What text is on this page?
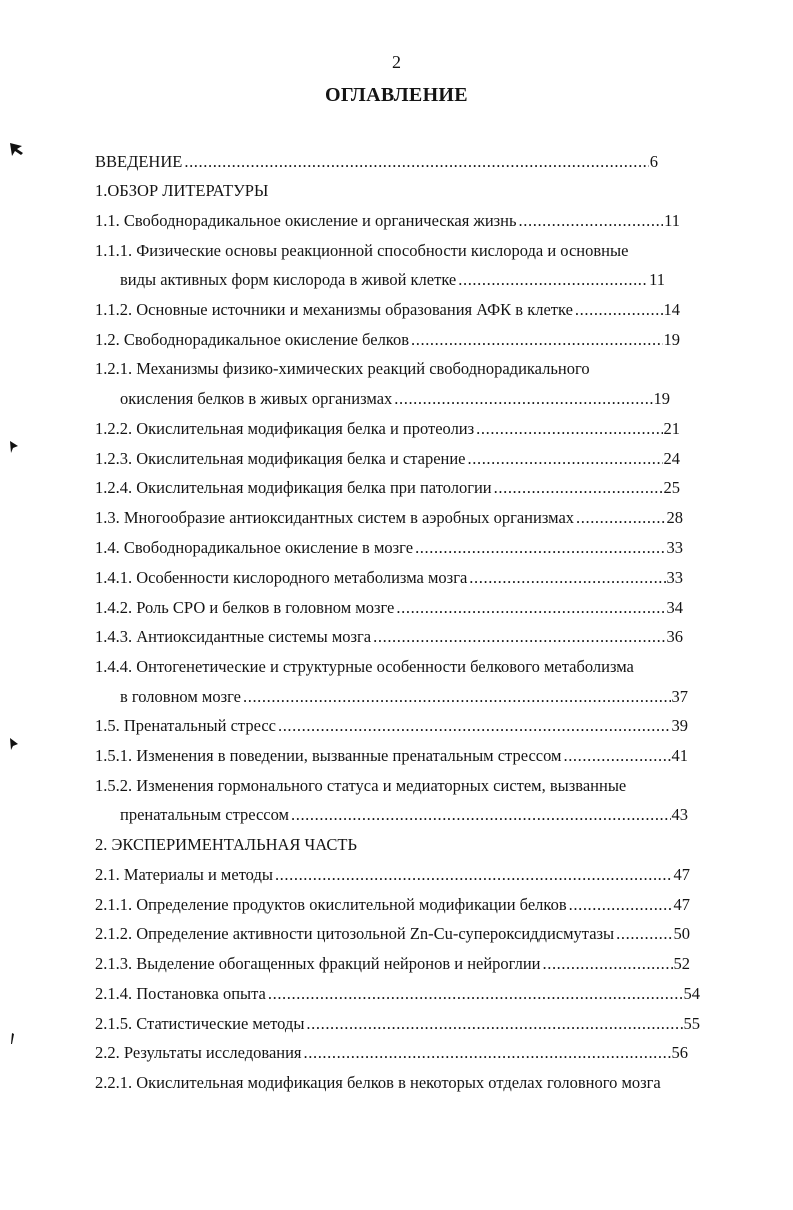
2
ОГЛАВЛЕНИЕ
ВВЕДЕНИЕ .....	6
1.ОБЗОР ЛИТЕРАТУРЫ
1.1. Свободнорадикальное окисление и органическая жизнь .....	11
1.1.1. Физические основы реакционной способности кислорода и основные
виды активных форм кислорода в живой клетке .....	11
1.1.2. Основные источники и механизмы образования АФК в клетке .....	14
1.2. Свободнорадикальное окисление белков .....	19
1.2.1. Механизмы физико-химических реакций свободнорадикального
окисления белков в живых организмах .....	19
1.2.2. Окислительная модификация белка и протеолиз .....	21
1.2.3. Окислительная модификация белка и старение .....	24
1.2.4. Окислительная модификация белка при патологии .....	25
1.3. Многообразие антиоксидантных систем в аэробных организмах .....	28
1.4. Свободнорадикальное окисление в мозге .....	33
1.4.1. Особенности кислородного метаболизма мозга .....	33
1.4.2. Роль СРО и белков в головном мозге .....	34
1.4.3. Антиоксидантные системы мозга .....	36
1.4.4. Онтогенетические и структурные особенности белкового метаболизма
в головном мозге .....	37
1.5. Пренатальный стресс .....	39
1.5.1. Изменения в поведении, вызванные пренатальным стрессом .....	41
1.5.2. Изменения гормонального статуса и медиаторных систем, вызванные
пренатальным стрессом .....	43
2. ЭКСПЕРИМЕНТАЛЬНАЯ ЧАСТЬ
2.1. Материалы и методы .....	47
2.1.1. Определение продуктов окислительной модификации белков .....	47
2.1.2. Определение активности цитозольной Zn-Cu-супероксиддисмутазы .....	50
2.1.3. Выделение обогащенных фракций нейронов и нейроглии .....	52
2.1.4. Постановка опыта .....	54
2.1.5. Статистические методы .....	55
2.2. Результаты исследования .....	56
2.2.1. Окислительная модификация белков в некоторых отделах головного мозга
